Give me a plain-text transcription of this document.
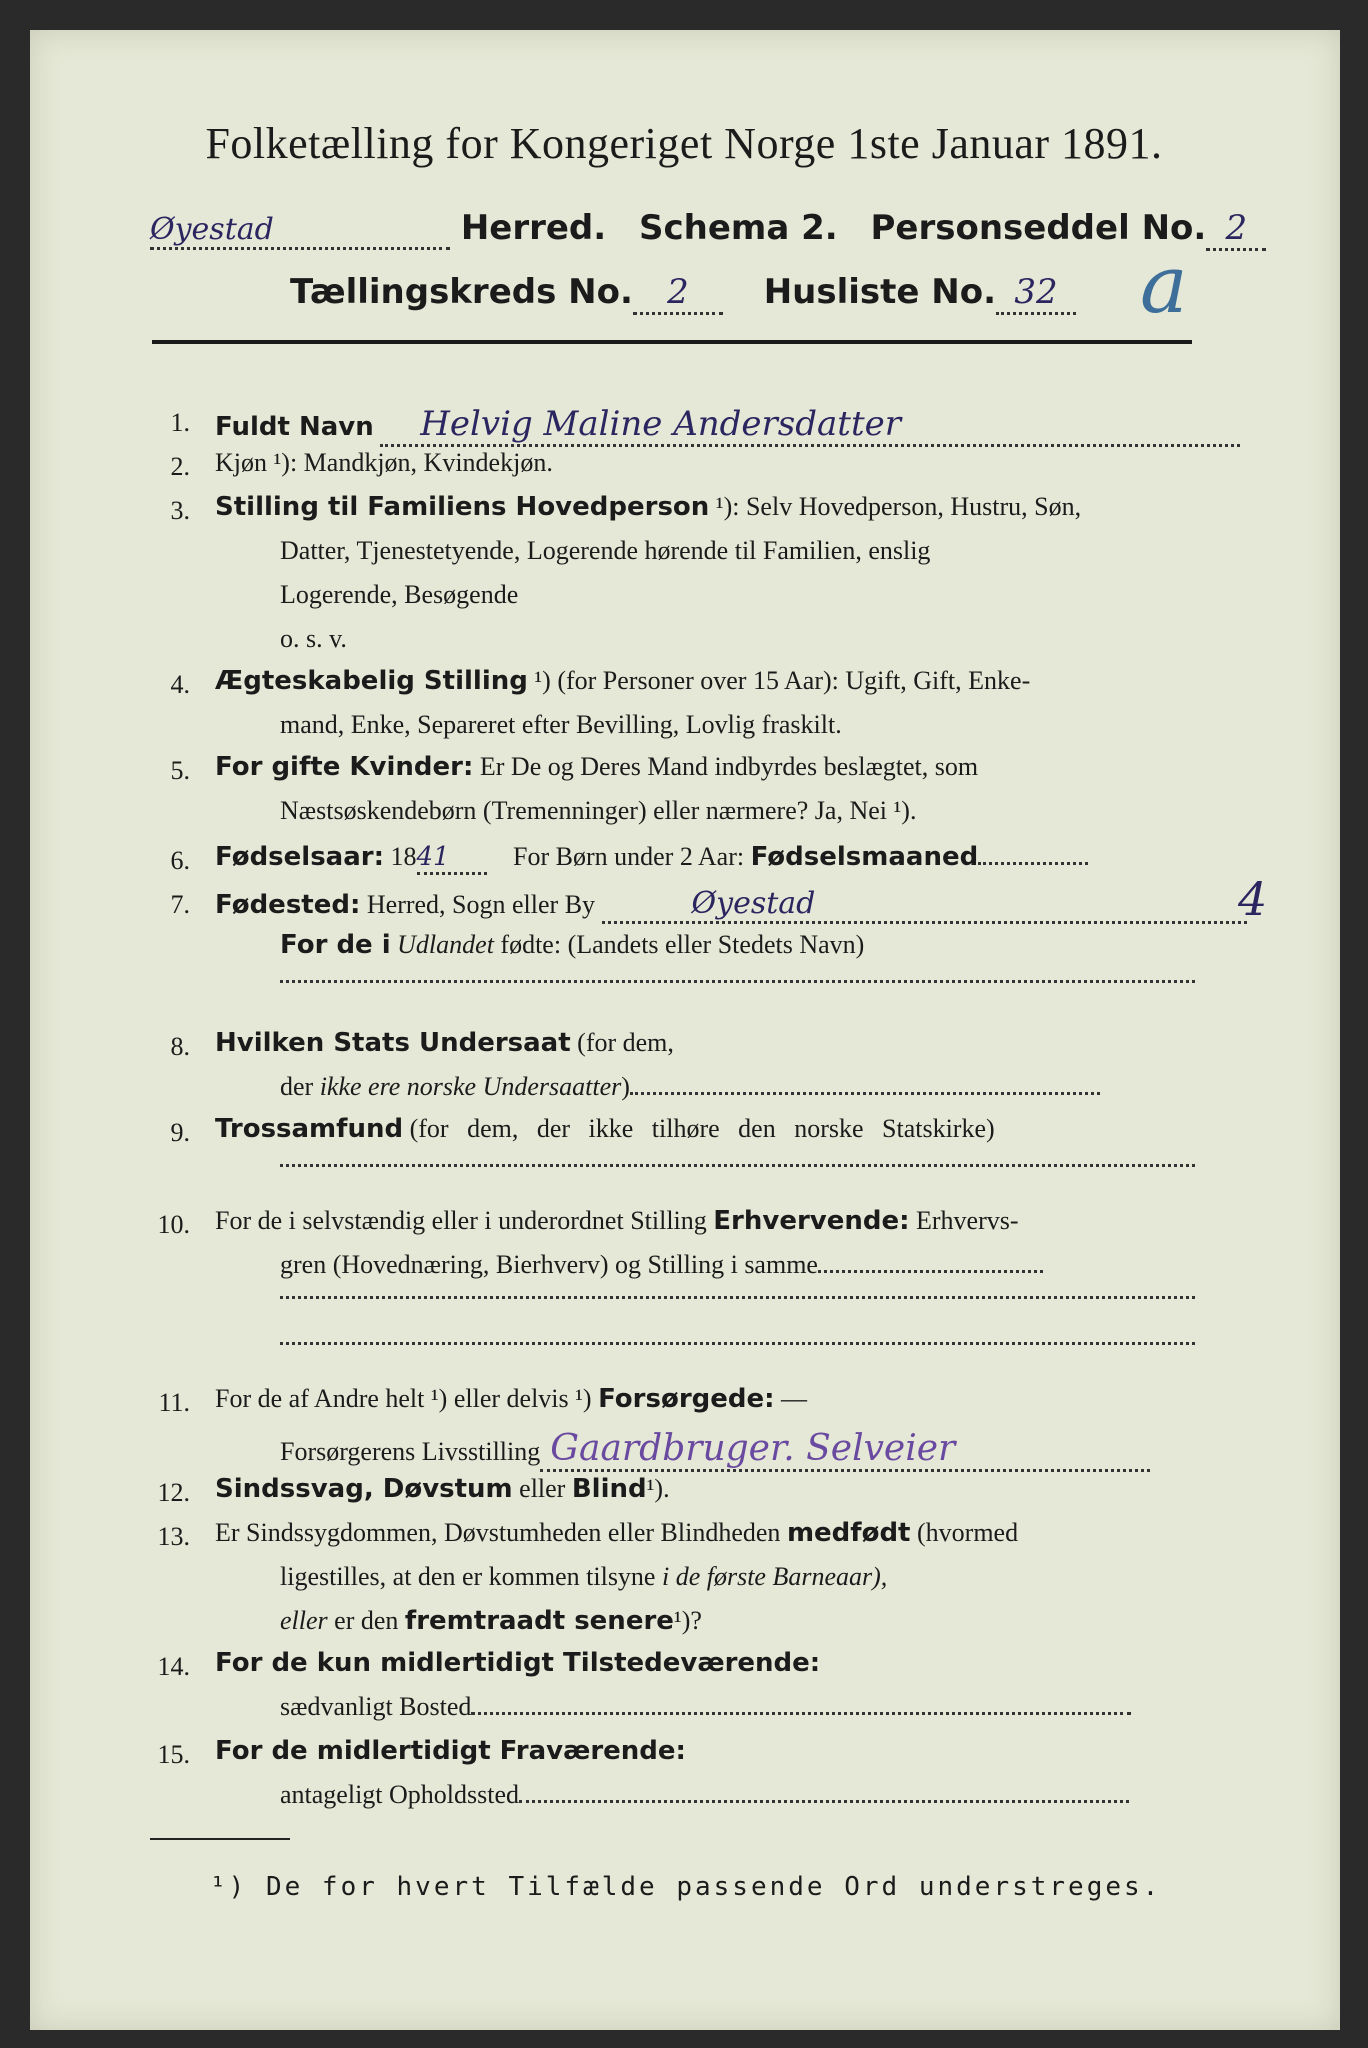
Folketælling for Kongeriget Norge 1ste Januar 1891.
Øyestad	Herred. Schema 2. Personseddel No. 2
Tællingskreds No. 2 Husliste No. 32 a
1. Fuldt Navn Helvig Maline Andersdatter
2. Kjøn ¹): Mandkjøn, Kvindekjøn.
3. Stilling til Familiens Hovedperson ¹): Selv Hovedperson, Hustru, Søn,
Datter, Tjenestetyende, Logerende hørende til Familien, enslig
Logerende, Besøgende
o. s. v.
4. Ægteskabelig Stilling ¹) (for Personer over 15 Aar): Ugift, Gift, Enke-
mand, Enke, Separeret efter Bevilling, Lovlig fraskilt.
5. For gifte Kvinder: Er De og Deres Mand indbyrdes beslægtet, som
Næstsøskendebørn (Tremenninger) eller nærmere? Ja, Nei ¹).
6. Fødselsaar: 1841 For Børn under 2 Aar: Fødselsmaaned
7. Fødested: Herred, Sogn eller By	Øyestad	4
For de i Udlandet fødte: (Landets eller Stedets Navn)
8. Hvilken Stats Undersaat (for dem,
der ikke ere norske Undersaatter)
9. Trossamfund (for dem, der ikke tilhøre den norske Statskirke)
10. For de i selvstændig eller i underordnet Stilling Erhvervende: Erhvervs-
gren (Hovednæring, Bierhverv) og Stilling i samme
11. For de af Andre helt ¹) eller delvis ¹) Forsørgede: —
Forsørgerens Livsstilling Gaardbruger. Selveier
12. Sindssvag, Døvstum eller Blind¹).
13. Er Sindssygdommen, Døvstumheden eller Blindheden medfødt (hvormed
ligestilles, at den er kommen tilsyne i de første Barneaar),
eller er den fremtraadt senere¹)?
14. For de kun midlertidigt Tilstedeværende:
sædvanligt Bosted
15. For de midlertidigt Fraværende:
antageligt Opholdssted
¹) De for hvert Tilfælde passende Ord understreges.
